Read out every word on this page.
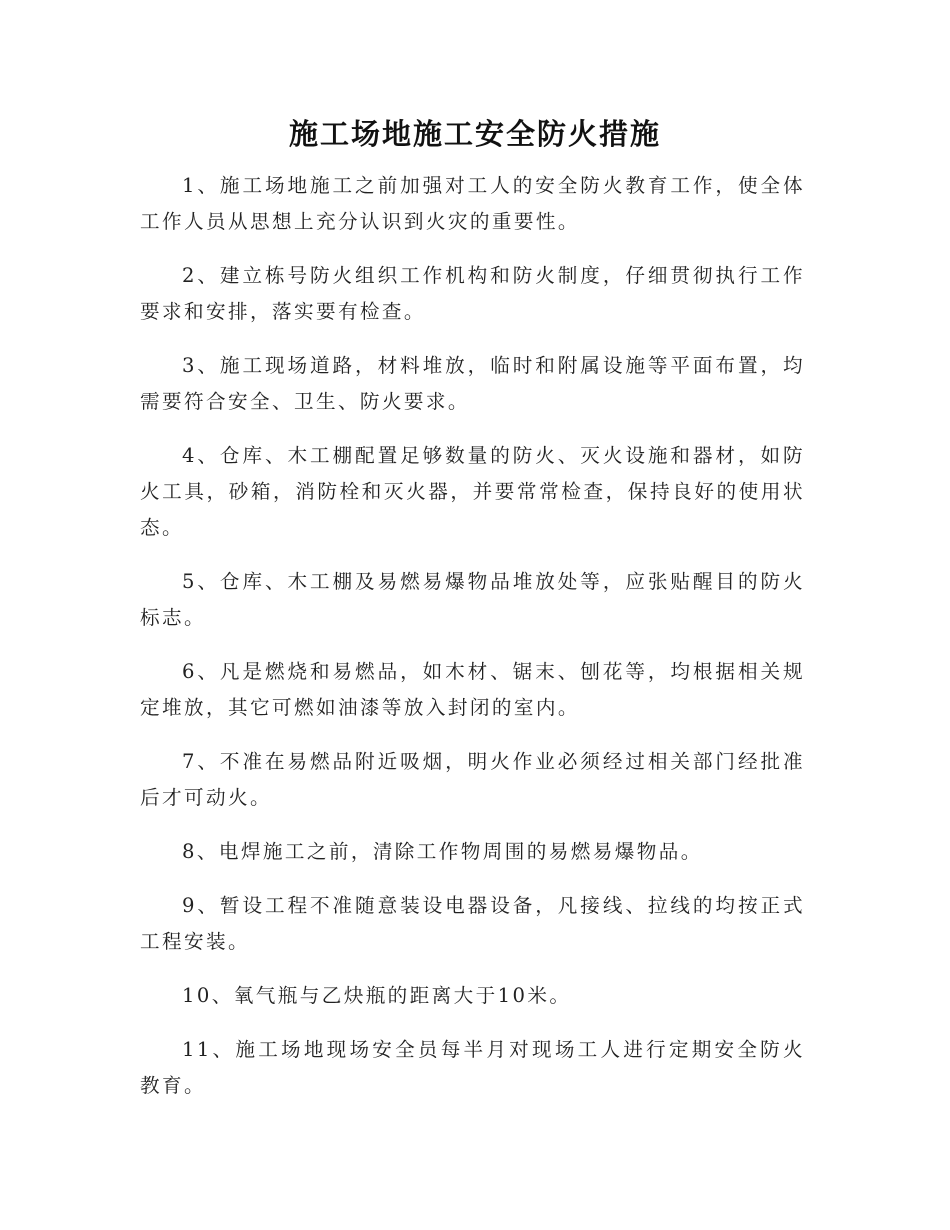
施工场地施工安全防火措施

1、施工场地施工之前加强对工人的安全防火教育工作，使全体工作人员从思想上充分认识到火灾的重要性。

2、建立栋号防火组织工作机构和防火制度，仔细贯彻执行工作要求和安排，落实要有检查。

3、施工现场道路，材料堆放，临时和附属设施等平面布置，均需要符合安全、卫生、防火要求。

4、仓库、木工棚配置足够数量的防火、灭火设施和器材，如防火工具，砂箱，消防栓和灭火器，并要常常检查，保持良好的使用状态。

5、仓库、木工棚及易燃易爆物品堆放处等，应张贴醒目的防火标志。

6、凡是燃烧和易燃品，如木材、锯末、刨花等，均根据相关规定堆放，其它可燃如油漆等放入封闭的室内。

7、不准在易燃品附近吸烟，明火作业必须经过相关部门经批准后才可动火。

8、电焊施工之前，清除工作物周围的易燃易爆物品。

9、暂设工程不准随意装设电器设备，凡接线、拉线的均按正式工程安装。

10、氧气瓶与乙炔瓶的距离大于10米。

11、施工场地现场安全员每半月对现场工人进行定期安全防火教育。
